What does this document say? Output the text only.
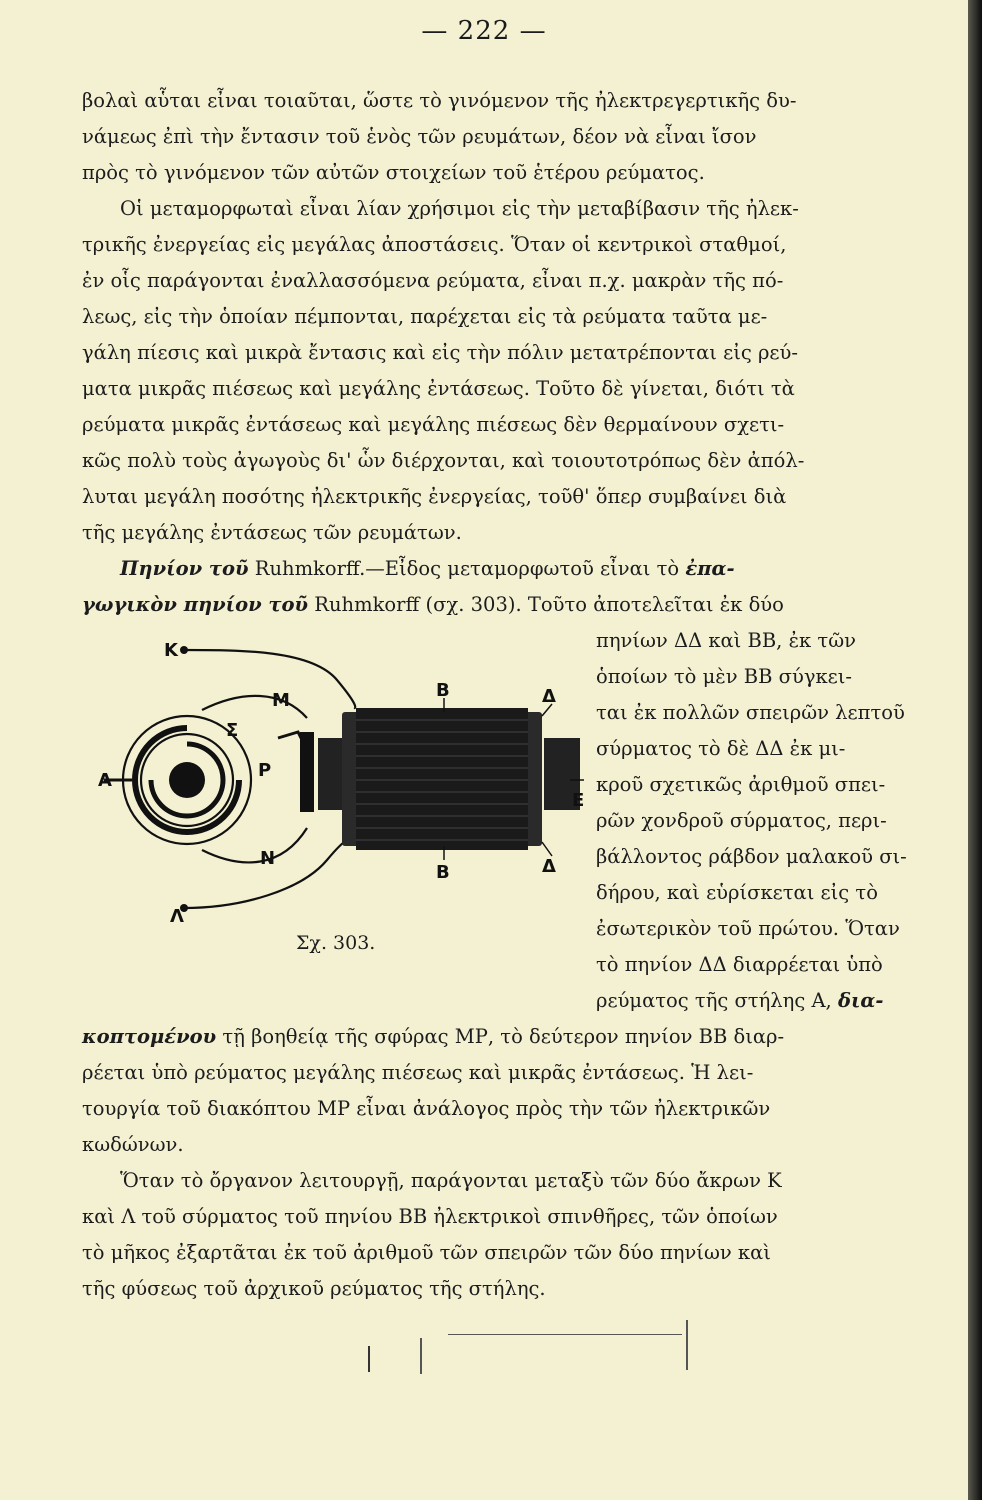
— 222 —
βολαὶ αὗται εἶναι τοιαῦται, ὥστε τὸ γινόμενον τῆς ἠλεκτρεγερτικῆς δυ-
νάμεως ἐπὶ τὴν ἔντασιν τοῦ ἑνὸς τῶν ρευμάτων, δέον νὰ εἶναι ἴσον
πρὸς τὸ γινόμενον τῶν αὐτῶν στοιχείων τοῦ ἑτέρου ρεύματος.
Οἱ μεταμορφωταὶ εἶναι λίαν χρήσιμοι εἰς τὴν μεταβίβασιν τῆς ἠλεκ-
τρικῆς ἐνεργείας εἰς μεγάλας ἀποστάσεις. Ὅταν οἱ κεντρικοὶ σταθμοί,
ἐν οἷς παράγονται ἐναλλασσόμενα ρεύματα, εἶναι π.χ. μακρὰν τῆς πό-
λεως, εἰς τὴν ὁποίαν πέμπονται, παρέχεται εἰς τὰ ρεύματα ταῦτα με-
γάλη πίεσις καὶ μικρὰ ἔντασις καὶ εἰς τὴν πόλιν μετατρέπονται εἰς ρεύ-
ματα μικρᾶς πιέσεως καὶ μεγάλης ἐντάσεως. Τοῦτο δὲ γίνεται, διότι τὰ
ρεύματα μικρᾶς ἐντάσεως καὶ μεγάλης πιέσεως δὲν θερμαίνουν σχετι-
κῶς πολὺ τοὺς ἀγωγοὺς δι' ὧν διέρχονται, καὶ τοιουτοτρόπως δὲν ἀπόλ-
λυται μεγάλη ποσότης ἠλεκτρικῆς ἐνεργείας, τοῦθ' ὅπερ συμβαίνει διὰ
τῆς μεγάλης ἐντάσεως τῶν ρευμάτων.
Πηνίον τοῦ Ruhmkorff.—Εἶδος μεταμορφωτοῦ εἶναι τὸ ἐπα-
γωγικὸν πηνίον τοῦ Ruhmkorff (σχ. 303). Τοῦτο ἀποτελεῖται ἐκ δύο
πηνίων ΔΔ καὶ ΒΒ, ἐκ τῶν
ὁποίων τὸ μὲν ΒΒ σύγκει-
ται ἐκ πολλῶν σπειρῶν λεπτοῦ
σύρματος τὸ δὲ ΔΔ ἐκ μι-
κροῦ σχετικῶς ἀριθμοῦ σπει-
ρῶν χονδροῦ σύρματος, περι-
βάλλοντος ράβδον μαλακοῦ σι-
δήρου, καὶ εὑρίσκεται εἰς τὸ
ἐσωτερικὸν τοῦ πρώτου. Ὅταν
τὸ πηνίον ΔΔ διαρρέεται ὑπὸ
ρεύματος τῆς στήλης Α, δια-
κοπτομένου τῇ βοηθείᾳ τῆς σφύρας ΜΡ, τὸ δεύτερον πηνίον ΒΒ διαρ-
ρέεται ὑπὸ ρεύματος μεγάλης πιέσεως καὶ μικρᾶς ἐντάσεως. Ἡ λει-
τουργία τοῦ διακόπτου ΜΡ εἶναι ἀνάλογος πρὸς τὴν τῶν ἠλεκτρικῶν
κωδώνων.
Ὅταν τὸ ὄργανον λειτουργῇ, παράγονται μεταξὺ τῶν δύο ἄκρων Κ
καὶ Λ τοῦ σύρματος τοῦ πηνίου ΒΒ ἠλεκτρικοὶ σπινθῆρες, τῶν ὁποίων
τὸ μῆκος ἐξαρτᾶται ἐκ τοῦ ἀριθμοῦ τῶν σπειρῶν τῶν δύο πηνίων καὶ
τῆς φύσεως τοῦ ἀρχικοῦ ρεύματος τῆς στήλης.
K
M
Σ
A	P
N
Λ
B
B
Δ
Δ
E
Σχ. 303.
